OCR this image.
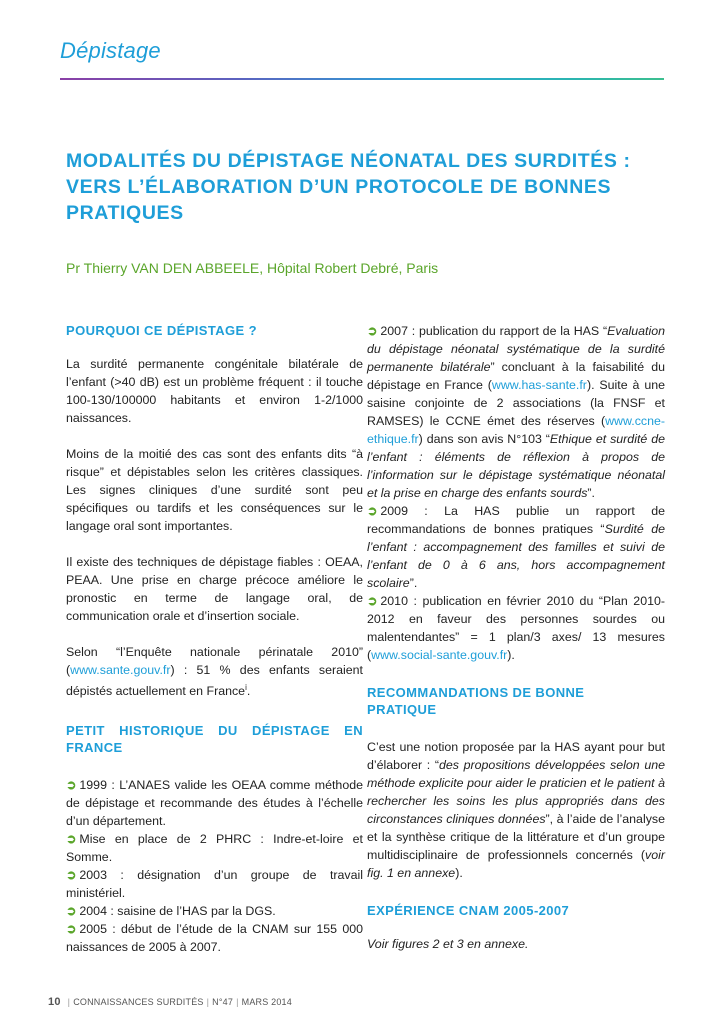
Dépistage
MODALITÉS DU DÉPISTAGE NÉONATAL DES SURDITÉS :
VERS L’ÉLABORATION D’UN PROTOCOLE DE BONNES
PRATIQUES
Pr Thierry VAN DEN ABBEELE, Hôpital Robert Debré, Paris
POURQUOI CE DÉPISTAGE ?

La surdité permanente congénitale bilatérale de l’enfant (>40 dB) est un problème fréquent : il touche 100-130/100000 habitants et environ 1-2/1000 naissances.

Moins de la moitié des cas sont des enfants dits “à risque” et dépistables selon les critères classiques. Les signes cliniques d’une surdité sont peu spécifiques ou tardifs et les conséquences sur le langage oral sont importantes.

Il existe des techniques de dépistage fiables : OEAA, PEAA. Une prise en charge précoce améliore le pronostic en terme de langage oral, de communication orale et d’insertion sociale.

Selon “l’Enquête nationale périnatale 2010” (www.sante.gouv.fr) : 51 % des enfants seraient dépistés actuellement en France$^i$.

PETIT HISTORIQUE DU DÉPISTAGE EN FRANCE

➲ 1999 : L’ANAES valide les OEAA comme méthode de dépistage et recommande des études à l’échelle d’un département.

➲ Mise en place de 2 PHRC : Indre-et-loire et Somme.

➲ 2003 : désignation d’un groupe de travail ministériel.

➲ 2004 : saisine de l’HAS par la DGS.

➲ 2005 : début de l’étude de la CNAM sur 155 000 naissances de 2005 à 2007.

➲ 2007 : publication du rapport de la HAS “Evaluation du dépistage néonatal systématique de la surdité permanente bilatérale” concluant à la faisabilité du dépistage en France (www.has-sante.fr). Suite à une saisine conjointe de 2 associations (la FNSF et RAMSES) le CCNE émet des réserves (www.ccne-ethique.fr) dans son avis N°103 “Ethique et surdité de l’enfant : éléments de réflexion à propos de l’information sur le dépistage systématique néonatal et la prise en charge des enfants sourds”.

➲ 2009 : La HAS publie un rapport de recommandations de bonnes pratiques “Surdité de l’enfant : accompagnement des familles et suivi de l’enfant de 0 à 6 ans, hors accompagnement scolaire”.

➲ 2010 : publication en février 2010 du “Plan 2010-2012 en faveur des personnes sourdes ou malentendantes” = 1 plan/3 axes/ 13 mesures (www.social-sante.gouv.fr).

RECOMMANDATIONS DE BONNE PRATIQUE

C’est une notion proposée par la HAS ayant pour but d’élaborer : “des propositions développées selon une méthode explicite pour aider le praticien et le patient à rechercher les soins les plus appropriés dans des circonstances cliniques données”, à l’aide de l’analyse et la synthèse critique de la littérature et d’un groupe multidisciplinaire de professionnels concernés (voir fig. 1 en annexe).

EXPÉRIENCE CNAM 2005-2007

Voir figures 2 et 3 en annexe.

10 | CONNAISSANCES SURDITÉS | N°47 | MARS 2014
